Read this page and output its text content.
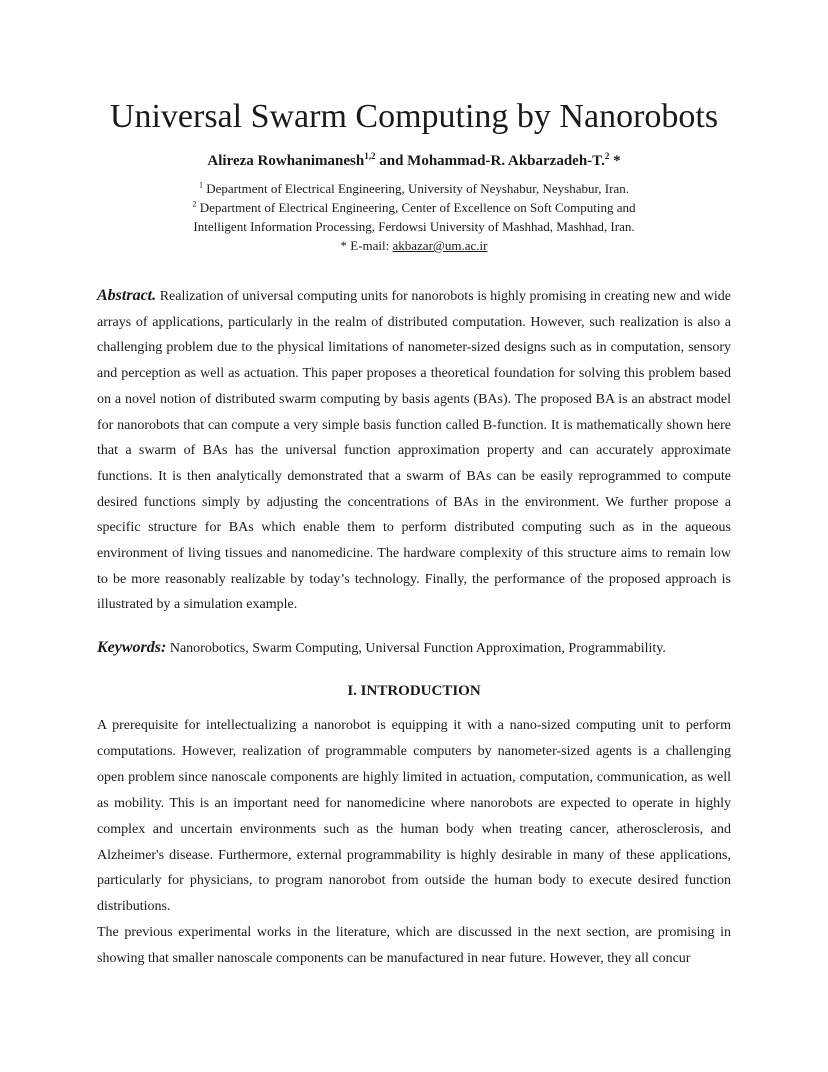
Universal Swarm Computing by Nanorobots
Alireza Rowhanimanesh$^{1,2}$ and Mohammad-R. Akbarzadeh-T.$^2$ *
$^1$ Department of Electrical Engineering, University of Neyshabur, Neyshabur, Iran.
$^2$ Department of Electrical Engineering, Center of Excellence on Soft Computing and
Intelligent Information Processing, Ferdowsi University of Mashhad, Mashhad, Iran.
* E-mail: akbazar@um.ac.ir

Abstract. Realization of universal computing units for nanorobots is highly promising in creating new and wide arrays of applications, particularly in the realm of distributed computation. However, such realization is also a challenging problem due to the physical limitations of nanometer-sized designs such as in computation, sensory and perception as well as actuation. This paper proposes a theoretical foundation for solving this problem based on a novel notion of distributed swarm computing by basis agents (BAs). The proposed BA is an abstract model for nanorobots that can compute a very simple basis function called B-function. It is mathematically shown here that a swarm of BAs has the universal function approximation property and can accurately approximate functions. It is then analytically demonstrated that a swarm of BAs can be easily reprogrammed to compute desired functions simply by adjusting the concentrations of BAs in the environment. We further propose a specific structure for BAs which enable them to perform distributed computing such as in the aqueous environment of living tissues and nanomedicine. The hardware complexity of this structure aims to remain low to be more reasonably realizable by today’s technology. Finally, the performance of the proposed approach is illustrated by a simulation example.

Keywords: Nanorobotics, Swarm Computing, Universal Function Approximation, Programmability.

I. INTRODUCTION

A prerequisite for intellectualizing a nanorobot is equipping it with a nano-sized computing unit to perform computations. However, realization of programmable computers by nanometer-sized agents is a challenging open problem since nanoscale components are highly limited in actuation, computation, communication, as well as mobility. This is an important need for nanomedicine where nanorobots are expected to operate in highly complex and uncertain environments such as the human body when treating cancer, atherosclerosis, and Alzheimer's disease. Furthermore, external programmability is highly desirable in many of these applications, particularly for physicians, to program nanorobot from outside the human body to execute desired function distributions.

The previous experimental works in the literature, which are discussed in the next section, are promising in showing that smaller nanoscale components can be manufactured in near future. However, they all concur
